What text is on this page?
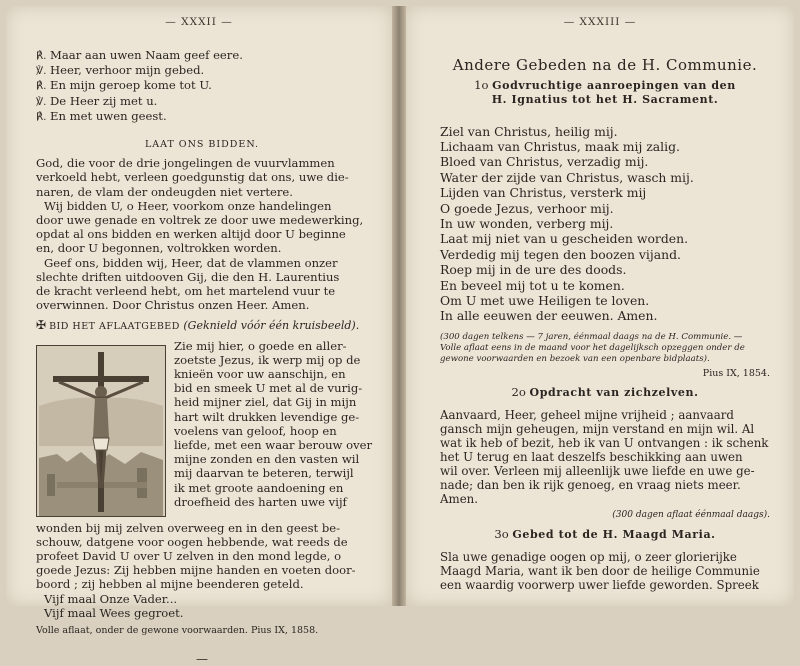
— XXXII —
℟. Maar aan uwen Naam geef eere.
℣. Heer, verhoor mijn gebed.
℟. En mijn geroep kome tot U.
℣. De Heer zij met u.
℟. En met uwen geest.
LAAT ONS BIDDEN.
God, die voor de drie jongelingen de vuurvlammen
verkoeld hebt, verleen goedgunstig dat ons, uwe die-
naren, de vlam der ondeugden niet vertere.
Wij bidden U, o Heer, voorkom onze handelingen
door uwe genade en voltrek ze door uwe medewerking,
opdat al ons bidden en werken altijd door U beginne
en, door U begonnen, voltrokken worden.
Geef ons, bidden wij, Heer, dat de vlammen onzer
slechte driften uitdooven Gij, die den H. Laurentius
de kracht verleend hebt, om het martelend vuur te
overwinnen. Door Christus onzen Heer. Amen.
✠ BID HET AFLAATGEBED (Geknield vóór één kruisbeeld).
Zie mij hier, o goede en aller-
zoetste Jezus, ik werp mij op de
knieën voor uw aanschijn, en
bid en smeek U met al de vurig-
heid mijner ziel, dat Gij in mijn
hart wilt drukken levendige ge-
voelens van geloof, hoop en
liefde, met een waar berouw over
mijne zonden en den vasten wil
mij daarvan te beteren, terwijl
ik met groote aandoening en
droefheid des harten uwe vijf
wonden bij mij zelven overweeg en in den geest be-
schouw, datgene voor oogen hebbende, wat reeds de
profeet David U over U zelven in den mond legde, o
goede Jezus: Zij hebben mijne handen en voeten door-
boord ; zij hebben al mijne beenderen geteld.
Vijf maal Onze Vader...
Vijf maal Wees gegroet.
Volle aflaat, onder de gewone voorwaarden. Pius IX, 1858.
—
— XXXIII —
Andere Gebeden na de H. Communie.
1o Godvruchtige aanroepingen van den
H. Ignatius tot het H. Sacrament.
Ziel van Christus, heilig mij.
Lichaam van Christus, maak mij zalig.
Bloed van Christus, verzadig mij.
Water der zijde van Christus, wasch mij.
Lijden van Christus, versterk mij
O goede Jezus, verhoor mij.
In uw wonden, verberg mij.
Laat mij niet van u gescheiden worden.
Verdedig mij tegen den boozen vijand.
Roep mij in de ure des doods.
En beveel mij tot u te komen.
Om U met uwe Heiligen te loven.
In alle eeuwen der eeuwen. Amen.
(300 dagen telkens — 7 jaren, éénmaal daags na de H. Communie. —
Volle aflaat eens in de maand voor het dagelijksch opzeggen onder de
gewone voorwaarden en bezoek van een openbare bidplaats).
Pius IX, 1854.
2o Opdracht van zichzelven.
Aanvaard, Heer, geheel mijne vrijheid ; aanvaard
gansch mijn geheugen, mijn verstand en mijn wil. Al
wat ik heb of bezit, heb ik van U ontvangen : ik schenk
het U terug en laat deszelfs beschikking aan uwen
wil over. Verleen mij alleenlijk uwe liefde en uwe ge-
nade; dan ben ik rijk genoeg, en vraag niets meer.
Amen.
(300 dagen aflaat éénmaal daags).
3o Gebed tot de H. Maagd Maria.
Sla uwe genadige oogen op mij, o zeer glorierijke
Maagd Maria, want ik ben door de heilige Communie
een waardig voorwerp uwer liefde geworden. Spreek
